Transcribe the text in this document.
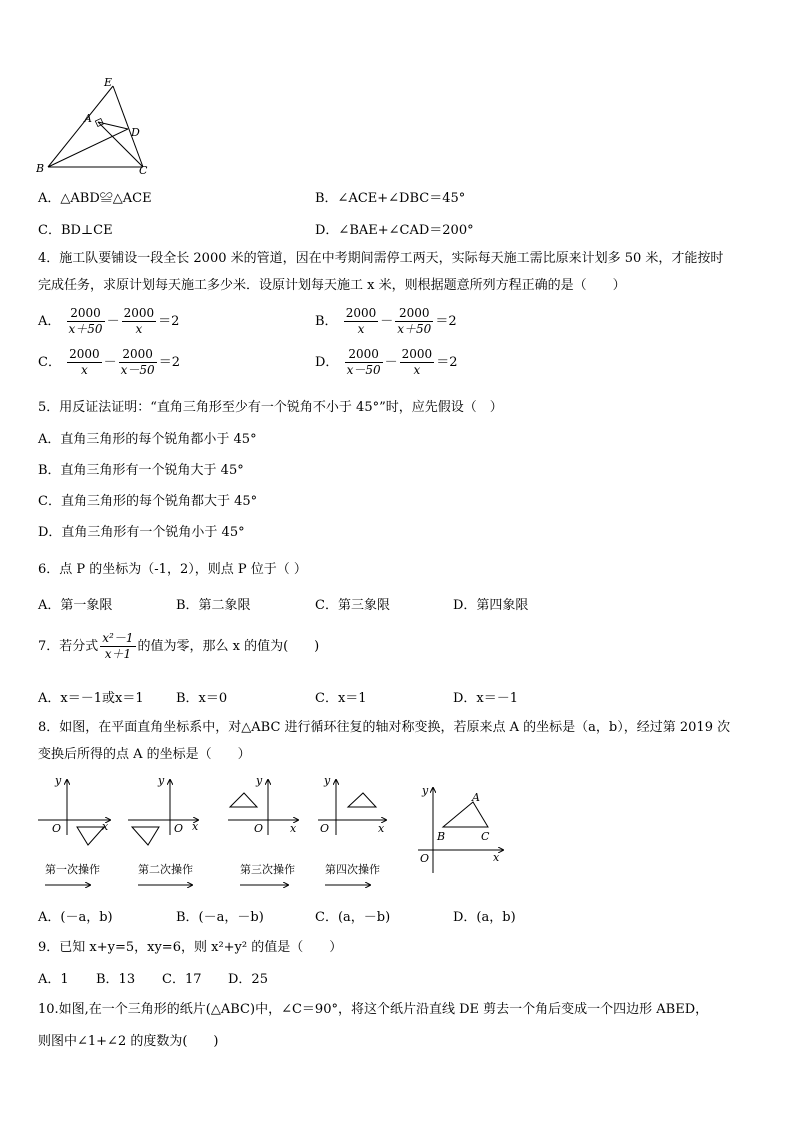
E
A
D
B	C
A．△ABD≌△ACE	B．∠ACE+∠DBC＝45°
C．BD⊥CE	D．∠BAE+∠CAD＝200°
4．施工队要铺设一段全长 2000 米的管道，因在中考期间需停工两天，实际每天施工需比原来计划多 50 米，才能按时
完成任务，求原计划每天施工多少米．设原计划每天施工 x 米，则根据题意所列方程正确的是（　　）
A． $\frac{2000}{x+50} - \frac{2000}{x} =2$	B． $\frac{2000}{x} - \frac{2000}{x+50} =2$
C． $\frac{2000}{x} - \frac{2000}{x-50} =2$	D． $\frac{2000}{x-50} - \frac{2000}{x} =2$
5．用反证法证明：“直角三角形至少有一个锐角不小于 45°”时，应先假设（　）
A．直角三角形的每个锐角都小于 45°
B．直角三角形有一个锐角大于 45°
C．直角三角形的每个锐角都大于 45°
D．直角三角形有一个锐角小于 45°
6．点 P 的坐标为（-1，2），则点 P 位于（ ）
A．第一象限	B．第二象限	C．第三象限	D．第四象限
7．若分式 $\frac{\text{x²－1}}{x+1}$ 的值为零，那么 x 的值为(　　)
A．x＝－1或x＝1 B．x＝0	C．x＝1	D．x＝－1
8．如图，在平面直角坐标系中，对△ABC 进行循环往复的轴对称变换，若原来点 A 的坐标是（a，b），经过第 2019 次
变换后所得的点 A 的坐标是（　　）
y
O	x
y
O x
y
O x
y
O	x
y
O	x
A
B	C
第一次操作	第二次操作	第三次操作	第四次操作
A．(－a，b)	B．(－a，－b)	C．(a，－b)	D．(a，b)
9．已知 x+y=5，xy=6，则 x²+y² 的值是（　　）
A．1 B．13 C．17 D．25
10.如图,在一个三角形的纸片(△ABC)中，∠C＝90°，将这个纸片沿直线 DE 剪去一个角后变成一个四边形 ABED，
则图中∠1+∠2 的度数为(　　)
